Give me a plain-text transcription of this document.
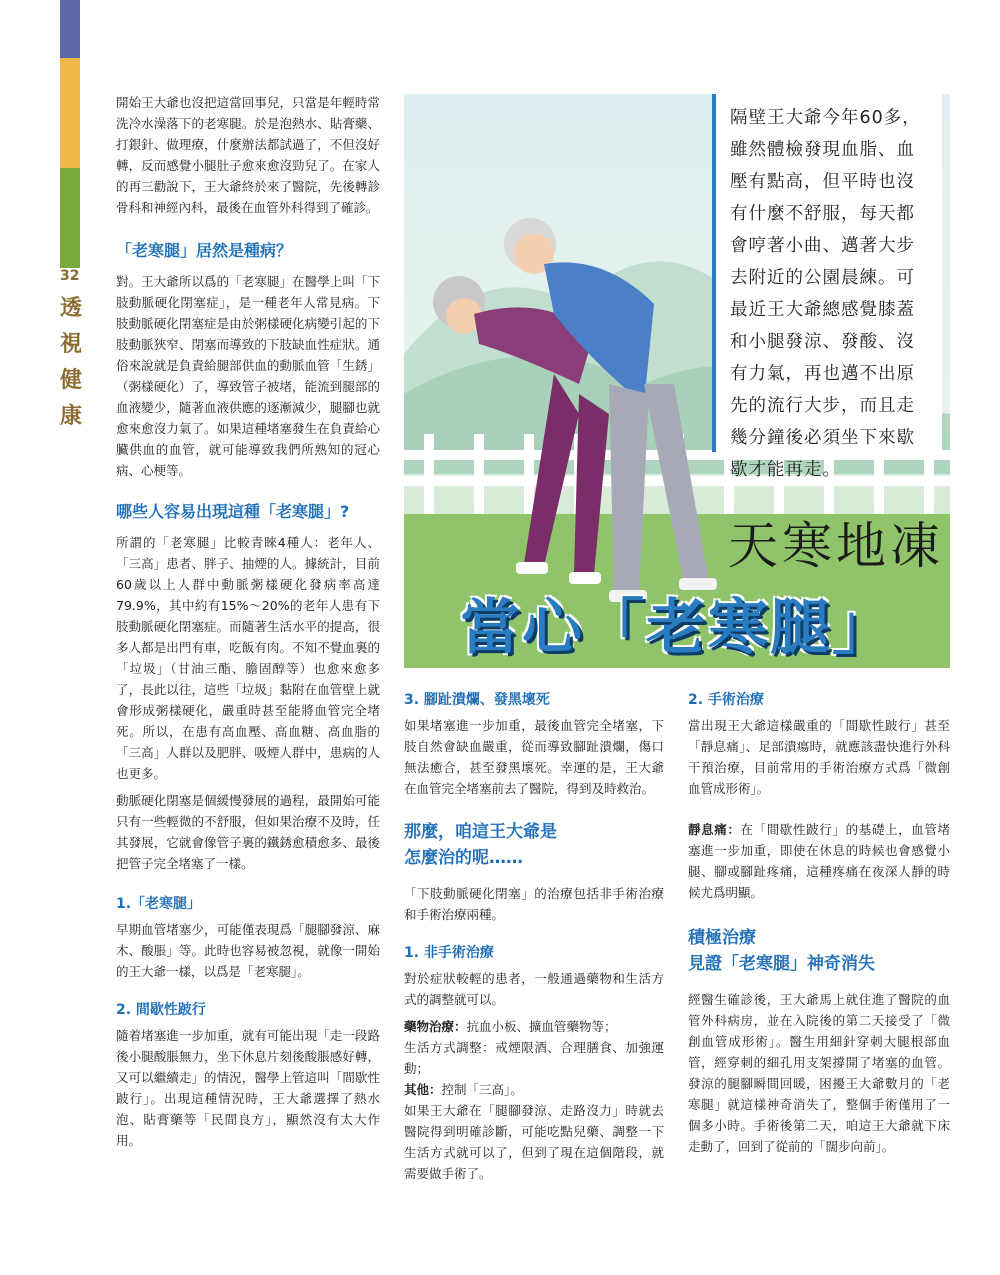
32
透視健康

開始王大爺也沒把這當回事兒，只當是年輕時常洗冷水澡落下的老寒腿。於是泡熱水、貼膏藥、打銀針、做理療，什麼辦法都試過了，不但沒好轉，反而感覺小腿肚子愈來愈沒勁兒了。在家人的再三勸說下，王大爺終於來了醫院，先後轉診骨科和神經內科，最後在血管外科得到了確診。

「老寒腿」居然是種病？

對。王大爺所以爲的「老寒腿」在醫學上叫「下肢動脈硬化閉塞症」，是一種老年人常見病。下肢動脈硬化閉塞症是由於粥樣硬化病變引起的下肢動脈狹窄、閉塞而導致的下肢缺血性症狀。通俗來說就是負責給腿部供血的動脈血管「生銹」（粥樣硬化）了，導致管子被堵，能流到腿部的血液變少，隨著血液供應的逐漸減少，腿腳也就愈來愈沒力氣了。如果這種堵塞發生在負責給心臟供血的血管，就可能導致我們所熟知的冠心病、心梗等。

哪些人容易出現這種「老寒腿」?

所謂的「老寒腿」比較青睞4種人：老年人、「三高」患者、胖子、抽煙的人。據統計，目前60歲以上人群中動脈粥樣硬化發病率高達79.9%，其中約有15%～20%的老年人患有下肢動脈硬化閉塞症。而隨著生活水平的提高，很多人都是出門有車，吃飯有肉。不知不覺血裏的「垃圾」（甘油三酯、膽固醇等）也愈來愈多了，長此以往，這些「垃圾」黏附在血管壁上就會形成粥樣硬化，嚴重時甚至能將血管完全堵死。所以，在患有高血壓、高血糖、高血脂的「三高」人群以及肥胖、吸煙人群中，患病的人也更多。

動脈硬化閉塞是個緩慢發展的過程，最開始可能只有一些輕微的不舒服，但如果治療不及時，任其發展，它就會像管子裏的鐵銹愈積愈多、最後把管子完全堵塞了一樣。

1.「老寒腿」

早期血管堵塞少，可能僅表現爲「腿腳發涼、麻木、酸脹」等。此時也容易被忽視，就像一開始的王大爺一樣，以爲是「老寒腿」。

2. 間歇性跛行

隨着堵塞進一步加重，就有可能出現「走一段路後小腿酸脹無力，坐下休息片刻後酸脹感好轉，又可以繼續走」的情況，醫學上管這叫「間歇性跛行」。出現這種情況時，王大爺選擇了熱水泡、貼膏藥等「民間良方」，顯然沒有太大作用。

隔壁王大爺今年60多，雖然體檢發現血脂、血壓有點高，但平時也沒有什麼不舒服，每天都會哼著小曲、邁著大步去附近的公園晨練。可最近王大爺總感覺膝蓋和小腿發涼、發酸、沒有力氣，再也邁不出原先的流行大步，而且走幾分鐘後必須坐下來歇歇才能再走。
天寒地凍
當心「老寒腿」
3. 腳趾潰爛、發黑壞死

如果堵塞進一步加重，最後血管完全堵塞，下肢自然會缺血嚴重，從而導致腳趾潰爛，傷口無法癒合，甚至發黑壞死。幸運的是，王大爺在血管完全堵塞前去了醫院，得到及時救治。

那麼，咱這王大爺是
怎麼治的呢……

「下肢動脈硬化閉塞」的治療包括非手術治療和手術治療兩種。

1. 非手術治療

對於症狀較輕的患者，一般通過藥物和生活方式的調整就可以。

藥物治療：抗血小板、擴血管藥物等；

生活方式調整：戒煙限酒、合理膳食、加強運動；

其他：控制「三高」。

如果王大爺在「腿腳發涼、走路沒力」時就去醫院得到明確診斷，可能吃點兒藥、調整一下生活方式就可以了，但到了現在這個階段，就需要做手術了。

2. 手術治療

當出現王大爺這樣嚴重的「間歇性跛行」甚至「靜息痛」、足部潰瘍時，就應該盡快進行外科干預治療，目前常用的手術治療方式爲「微創血管成形術」。

靜息痛：在「間歇性跛行」的基礎上，血管堵塞進一步加重，即使在休息的時候也會感覺小腿、腳或腳趾疼痛，這種疼痛在夜深人靜的時候尤爲明顯。

積極治療
見證「老寒腿」神奇消失

經醫生確診後，王大爺馬上就住進了醫院的血管外科病房，並在入院後的第二天接受了「微創血管成形術」。醫生用細針穿刺大腿根部血管，經穿刺的細孔用支架撐開了堵塞的血管。發涼的腿腳瞬間回暖，困擾王大爺數月的「老寒腿」就這樣神奇消失了，整個手術僅用了一個多小時。手術後第二天，咱這王大爺就下床走動了，回到了從前的「闊步向前」。
